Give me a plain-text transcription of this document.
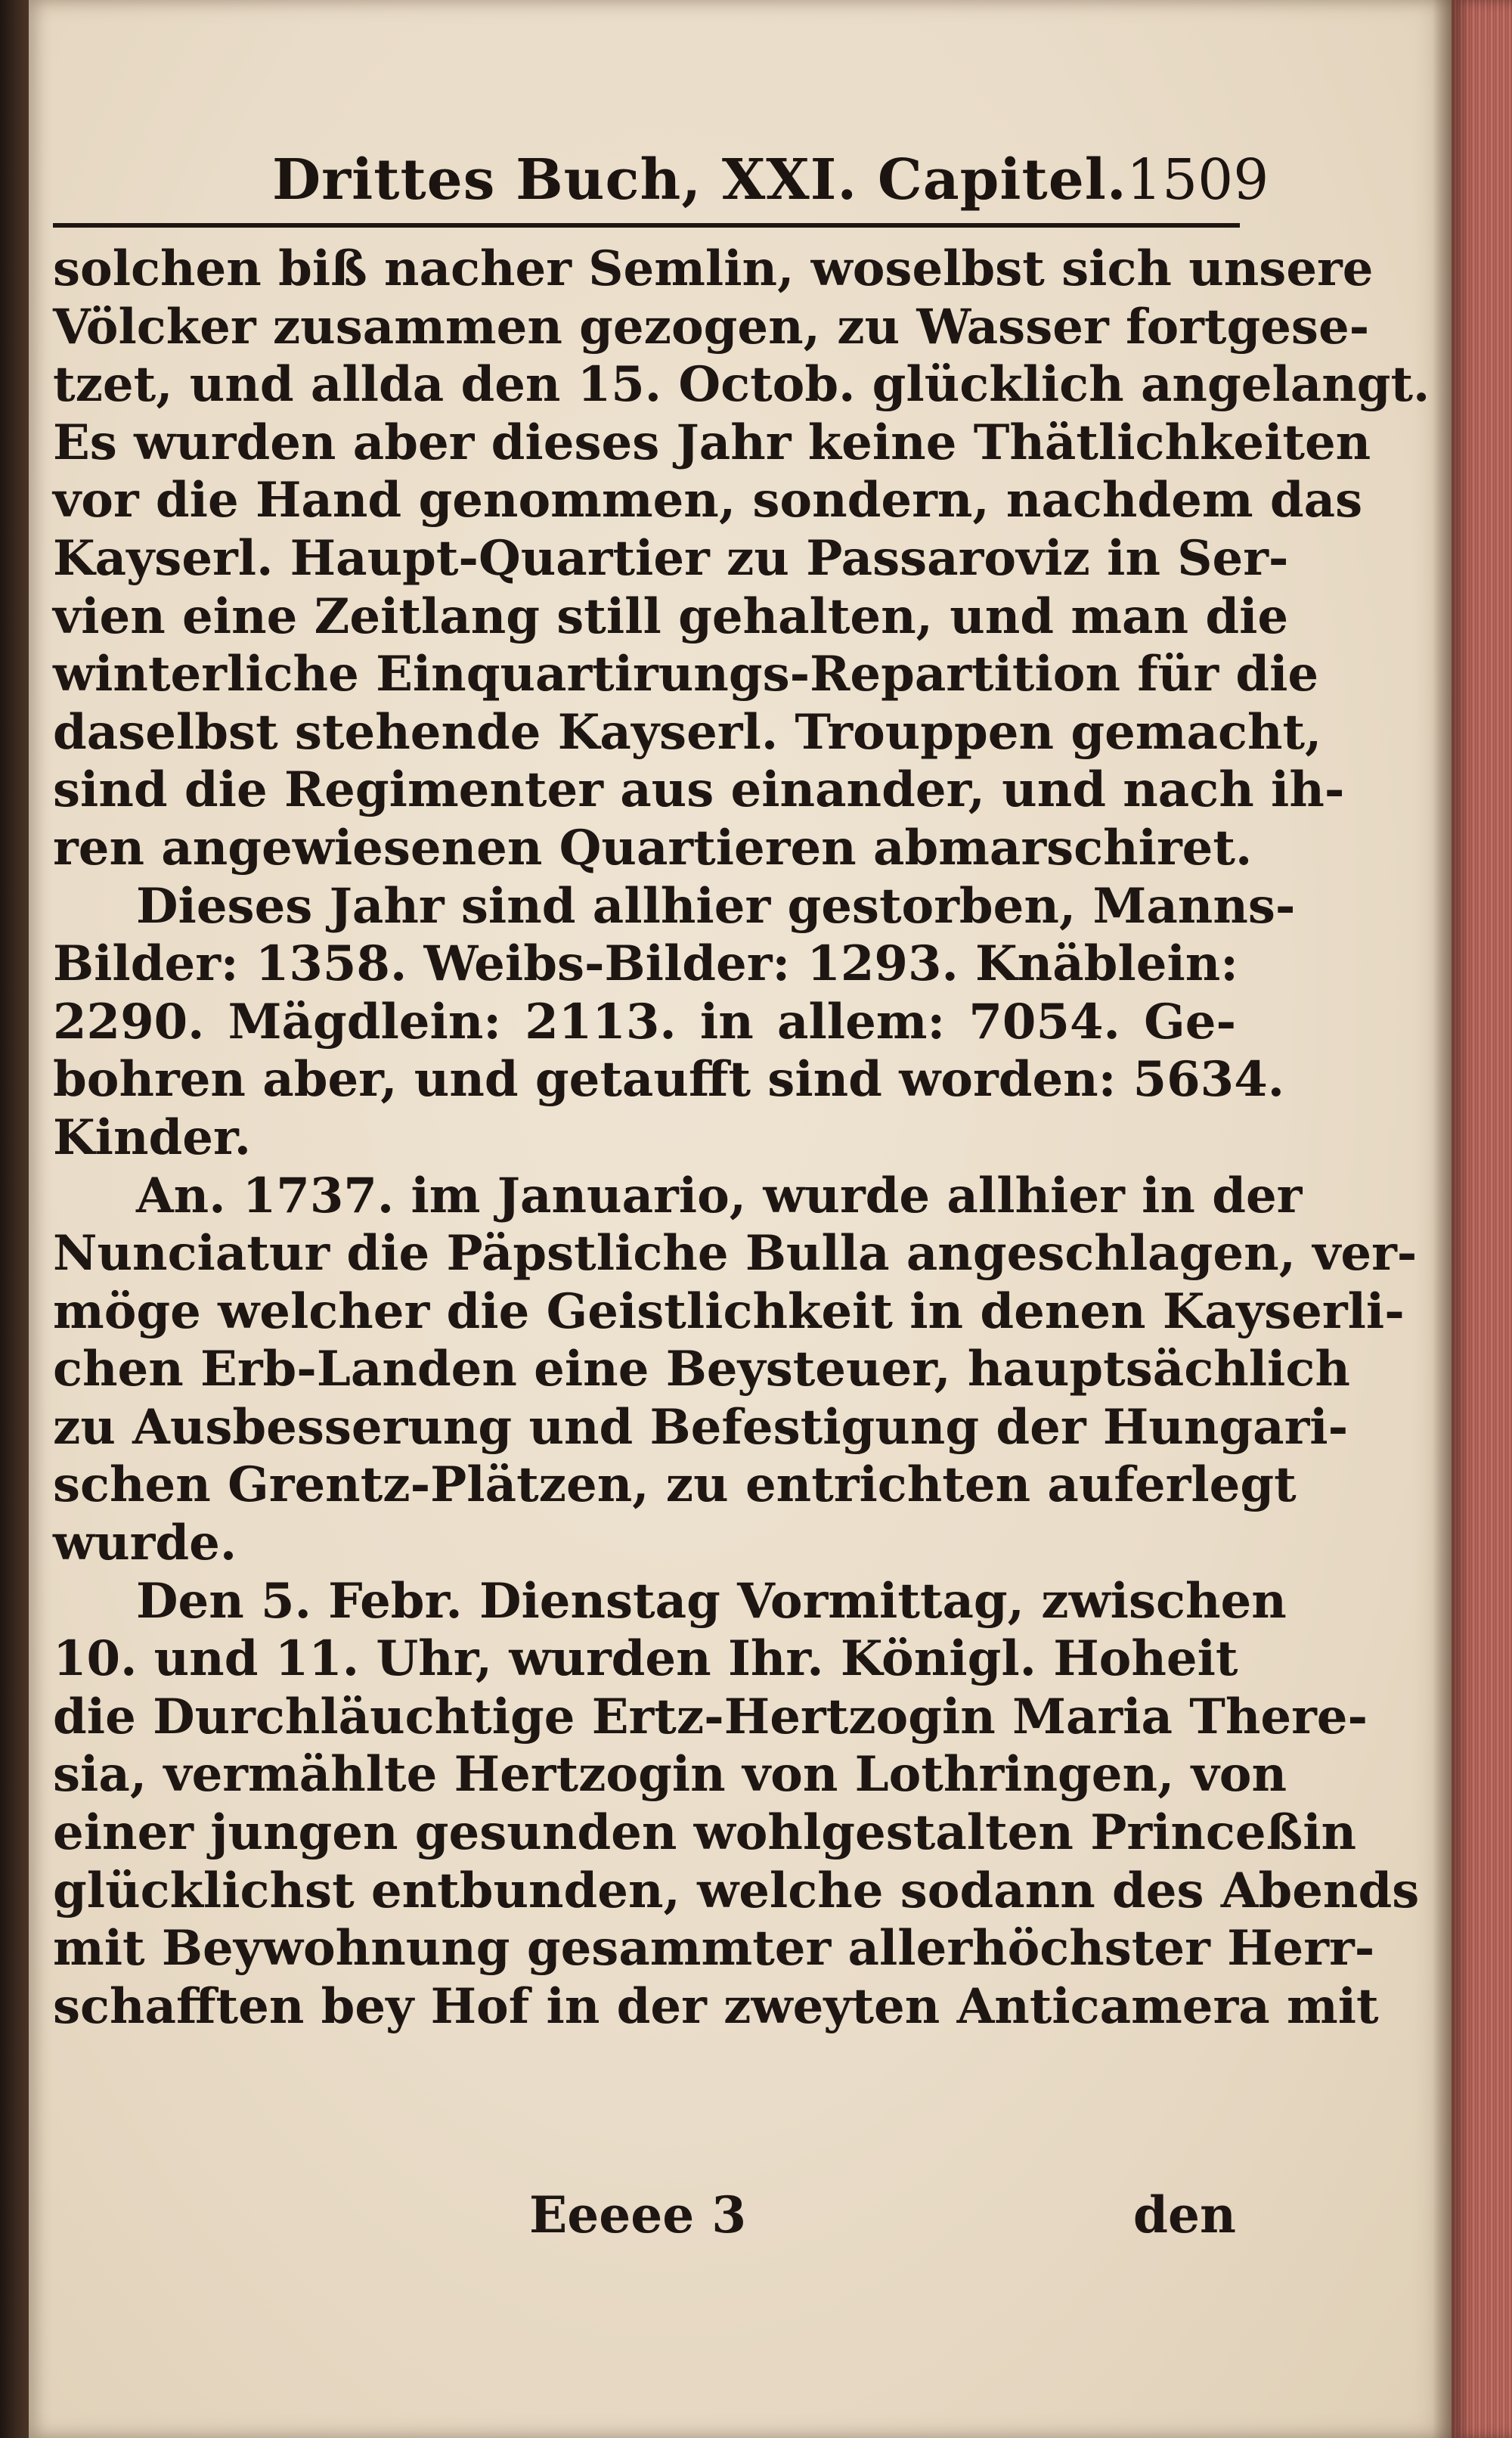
Drittes Buch, XXI. Capitel. 1509
solchen biß nacher Semlin, woselbst sich unsere
Völcker zusammen gezogen, zu Wasser fortgese-
tzet, und allda den 15. Octob. glücklich angelangt.
Es wurden aber dieses Jahr keine Thätlichkeiten
vor die Hand genommen, sondern, nachdem das
Kayserl. Haupt-Quartier zu Passaroviz in Ser-
vien eine Zeitlang still gehalten, und man die
winterliche Einquartirungs-Repartition für die
daselbst stehende Kayserl. Trouppen gemacht,
sind die Regimenter aus einander, und nach ih-
ren angewiesenen Quartieren abmarschiret.
Dieses Jahr sind allhier gestorben, Manns-
Bilder: 1358. Weibs-Bilder: 1293. Knäblein:
2290. Mägdlein: 2113. in allem: 7054. Ge-
bohren aber, und getaufft sind worden: 5634.
Kinder.
An. 1737. im Januario, wurde allhier in der
Nunciatur die Päpstliche Bulla angeschlagen, ver-
möge welcher die Geistlichkeit in denen Kayserli-
chen Erb-Landen eine Beysteuer, hauptsächlich
zu Ausbesserung und Befestigung der Hungari-
schen Grentz-Plätzen, zu entrichten auferlegt
wurde.
Den 5. Febr. Dienstag Vormittag, zwischen
10. und 11. Uhr, wurden Ihr. Königl. Hoheit
die Durchläuchtige Ertz-Hertzogin Maria There-
sia, vermählte Hertzogin von Lothringen, von
einer jungen gesunden wohlgestalten Princeßin
glücklichst entbunden, welche sodann des Abends
mit Beywohnung gesammter allerhöchster Herr-
schafften bey Hof in der zweyten Anticamera mit
Eeeee 3	den
